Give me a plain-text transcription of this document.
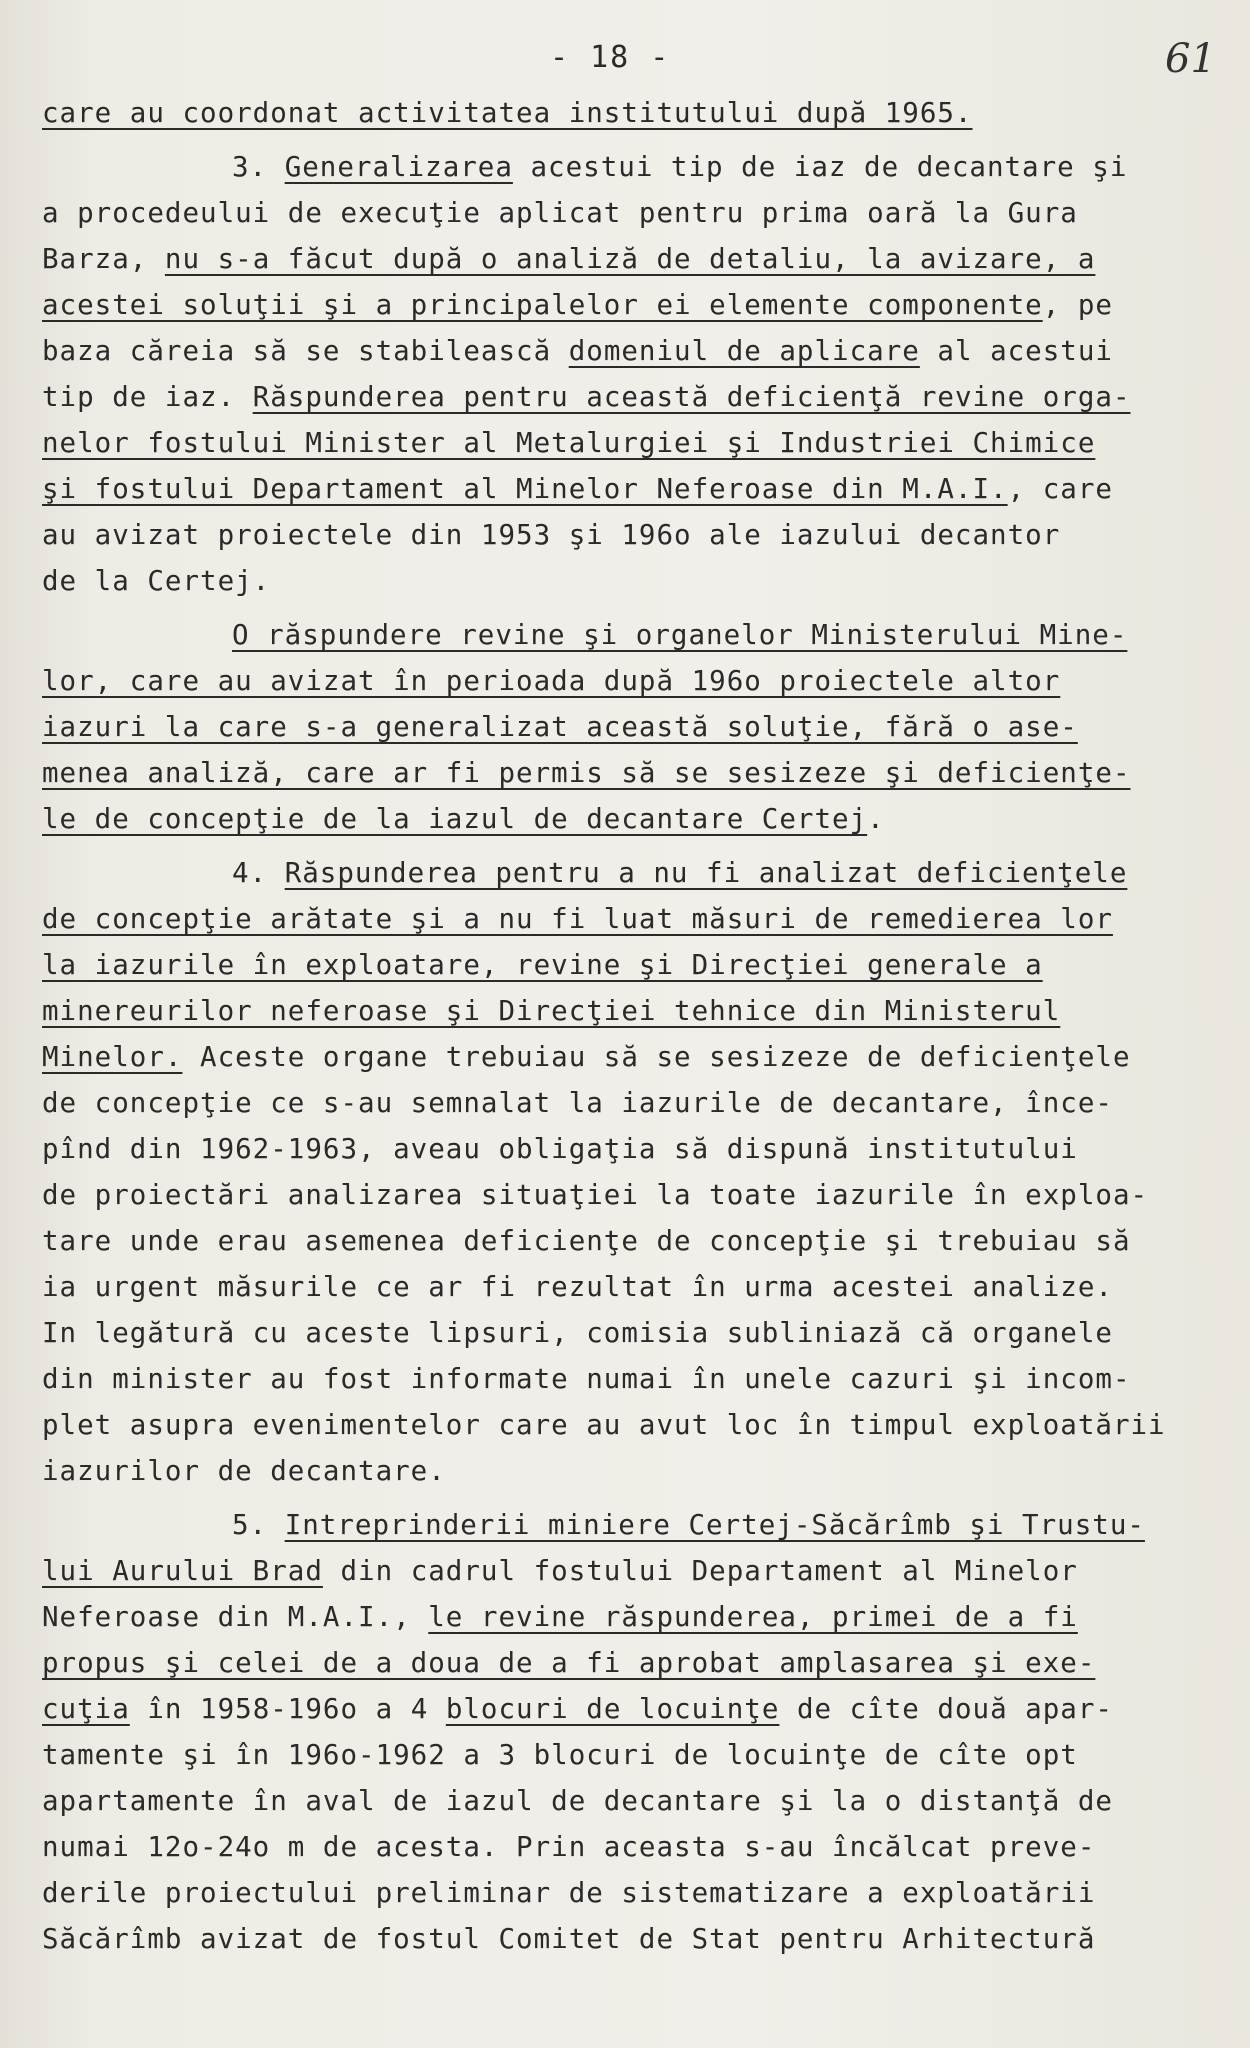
- 18 -	61

care au coordonat activitatea institutului după 1965.

3. Generalizarea acestui tip de iaz de decantare şi

a procedeului de execuţie aplicat pentru prima oară la Gura

Barza, nu s-a făcut după o analiză de detaliu, la avizare, a

acestei soluţii şi a principalelor ei elemente componente, pe

baza căreia să se stabilească domeniul de aplicare al acestui

tip de iaz. Răspunderea pentru această deficienţă revine orga-

nelor fostului Minister al Metalurgiei şi Industriei Chimice

şi fostului Departament al Minelor Neferoase din M.A.I., care

au avizat proiectele din 1953 şi 196o ale iazului decantor

de la Certej.

O răspundere revine şi organelor Ministerului Mine-

lor, care au avizat în perioada după 196o proiectele altor

iazuri la care s-a generalizat această soluţie, fără o ase-

menea analiză, care ar fi permis să se sesizeze şi deficienţe-

le de concepţie de la iazul de decantare Certej.

4. Răspunderea pentru a nu fi analizat deficienţele

de concepţie arătate şi a nu fi luat măsuri de remedierea lor

la iazurile în exploatare, revine şi Direcţiei generale a

minereurilor neferoase şi Direcţiei tehnice din Ministerul

Minelor. Aceste organe trebuiau să se sesizeze de deficienţele

de concepţie ce s-au semnalat la iazurile de decantare, înce-

pînd din 1962-1963, aveau obligaţia să dispună institutului

de proiectări analizarea situaţiei la toate iazurile în exploa-

tare unde erau asemenea deficienţe de concepţie şi trebuiau să

ia urgent măsurile ce ar fi rezultat în urma acestei analize.

In legătură cu aceste lipsuri, comisia subliniază că organele

din minister au fost informate numai în unele cazuri şi incom-

plet asupra evenimentelor care au avut loc în timpul exploatării

iazurilor de decantare.

5. Intreprinderii miniere Certej-Săcărîmb şi Trustu-

lui Aurului Brad din cadrul fostului Departament al Minelor

Neferoase din M.A.I., le revine răspunderea, primei de a fi

propus şi celei de a doua de a fi aprobat amplasarea şi exe-

cuţia în 1958-196o a 4 blocuri de locuinţe de cîte două apar-

tamente şi în 196o-1962 a 3 blocuri de locuinţe de cîte opt

apartamente în aval de iazul de decantare şi la o distanţă de

numai 12o-24o m de acesta. Prin aceasta s-au încălcat preve-

derile proiectului preliminar de sistematizare a exploatării

Săcărîmb avizat de fostul Comitet de Stat pentru Arhitectură
